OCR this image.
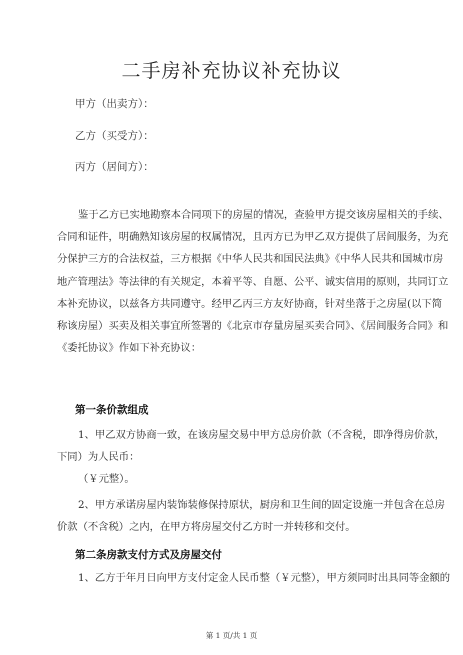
二手房补充协议补充协议
甲方（出卖方）：
乙方（买受方）：
丙方（居间方）：
鉴于乙方已实地勘察本合同项下的房屋的情况，查验甲方提交该房屋相关的手续、
合同和证件，明确熟知该房屋的权属情况，且丙方已为甲乙双方提供了居间服务，为充
分保护三方的合法权益，三方根据《中华人民共和国民法典》《中华人民共和国城市房
地产管理法》等法律的有关规定，本着平等、自愿、公平、诚实信用的原则，共同订立
本补充协议，以兹各方共同遵守。经甲乙丙三方友好协商，针对坐落于之房屋(以下简
称该房屋）买卖及相关事宜所签署的《北京市存量房屋买卖合同》、《居间服务合同》和
《委托协议》作如下补充协议：
第一条价款组成
1、甲乙双方协商一致，在该房屋交易中甲方总房价款（不含税，即净得房价款，
下同）为人民币：
（￥元整）。
2、甲方承诺房屋内装饰装修保持原状，厨房和卫生间的固定设施一并包含在总房
价款（不含税）之内，在甲方将房屋交付乙方时一并转移和交付。
第二条房款支付方式及房屋交付
1、乙方于年月日向甲方支付定金人民币整（￥元整），甲方须同时出具同等金额的
第 1 页/共 1 页
